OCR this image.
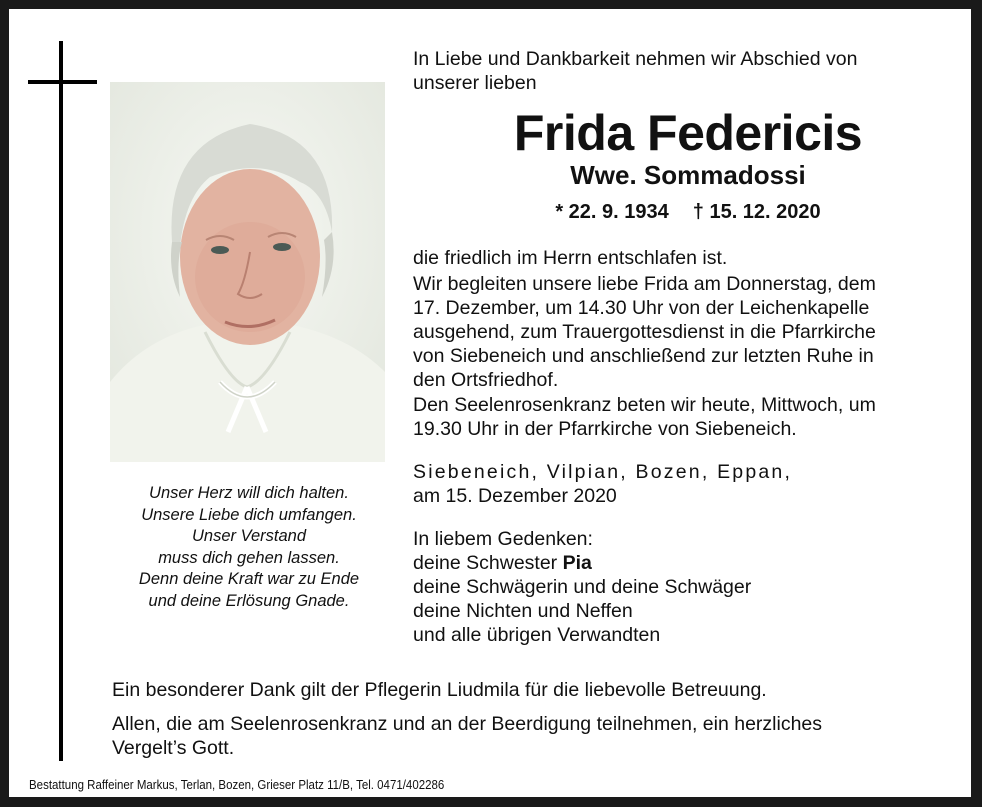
Unser Herz will dich halten.
Unsere Liebe dich umfangen.
Unser Verstand
muss dich gehen lassen.
Denn deine Kraft war zu Ende
und deine Erlösung Gnade.
In Liebe und Dankbarkeit nehmen wir Abschied von
unserer lieben
Frida Federicis
Wwe. Sommadossi
* 22. 9. 1934 † 15. 12. 2020
die friedlich im Herrn entschlafen ist.
Wir begleiten unsere liebe Frida am Donnerstag, dem
17. Dezember, um 14.30 Uhr von der Leichenkapelle
ausgehend, zum Trauergottesdienst in die Pfarrkirche
von Siebeneich und anschließend zur letzten Ruhe in
den Ortsfriedhof.
Den Seelenrosenkranz beten wir heute, Mittwoch, um
19.30 Uhr in der Pfarrkirche von Siebeneich.
Siebeneich, Vilpian, Bozen, Eppan,
am 15. Dezember 2020
In liebem Gedenken:
deine Schwester Pia
deine Schwägerin und deine Schwäger
deine Nichten und Neffen
und alle übrigen Verwandten
Ein besonderer Dank gilt der Pflegerin Liudmila für die liebevolle Betreuung.
Allen, die am Seelenrosenkranz und an der Beerdigung teilnehmen, ein herzliches
Vergelt’s Gott.
Bestattung Raffeiner Markus, Terlan, Bozen, Grieser Platz 11/B, Tel. 0471/402286
